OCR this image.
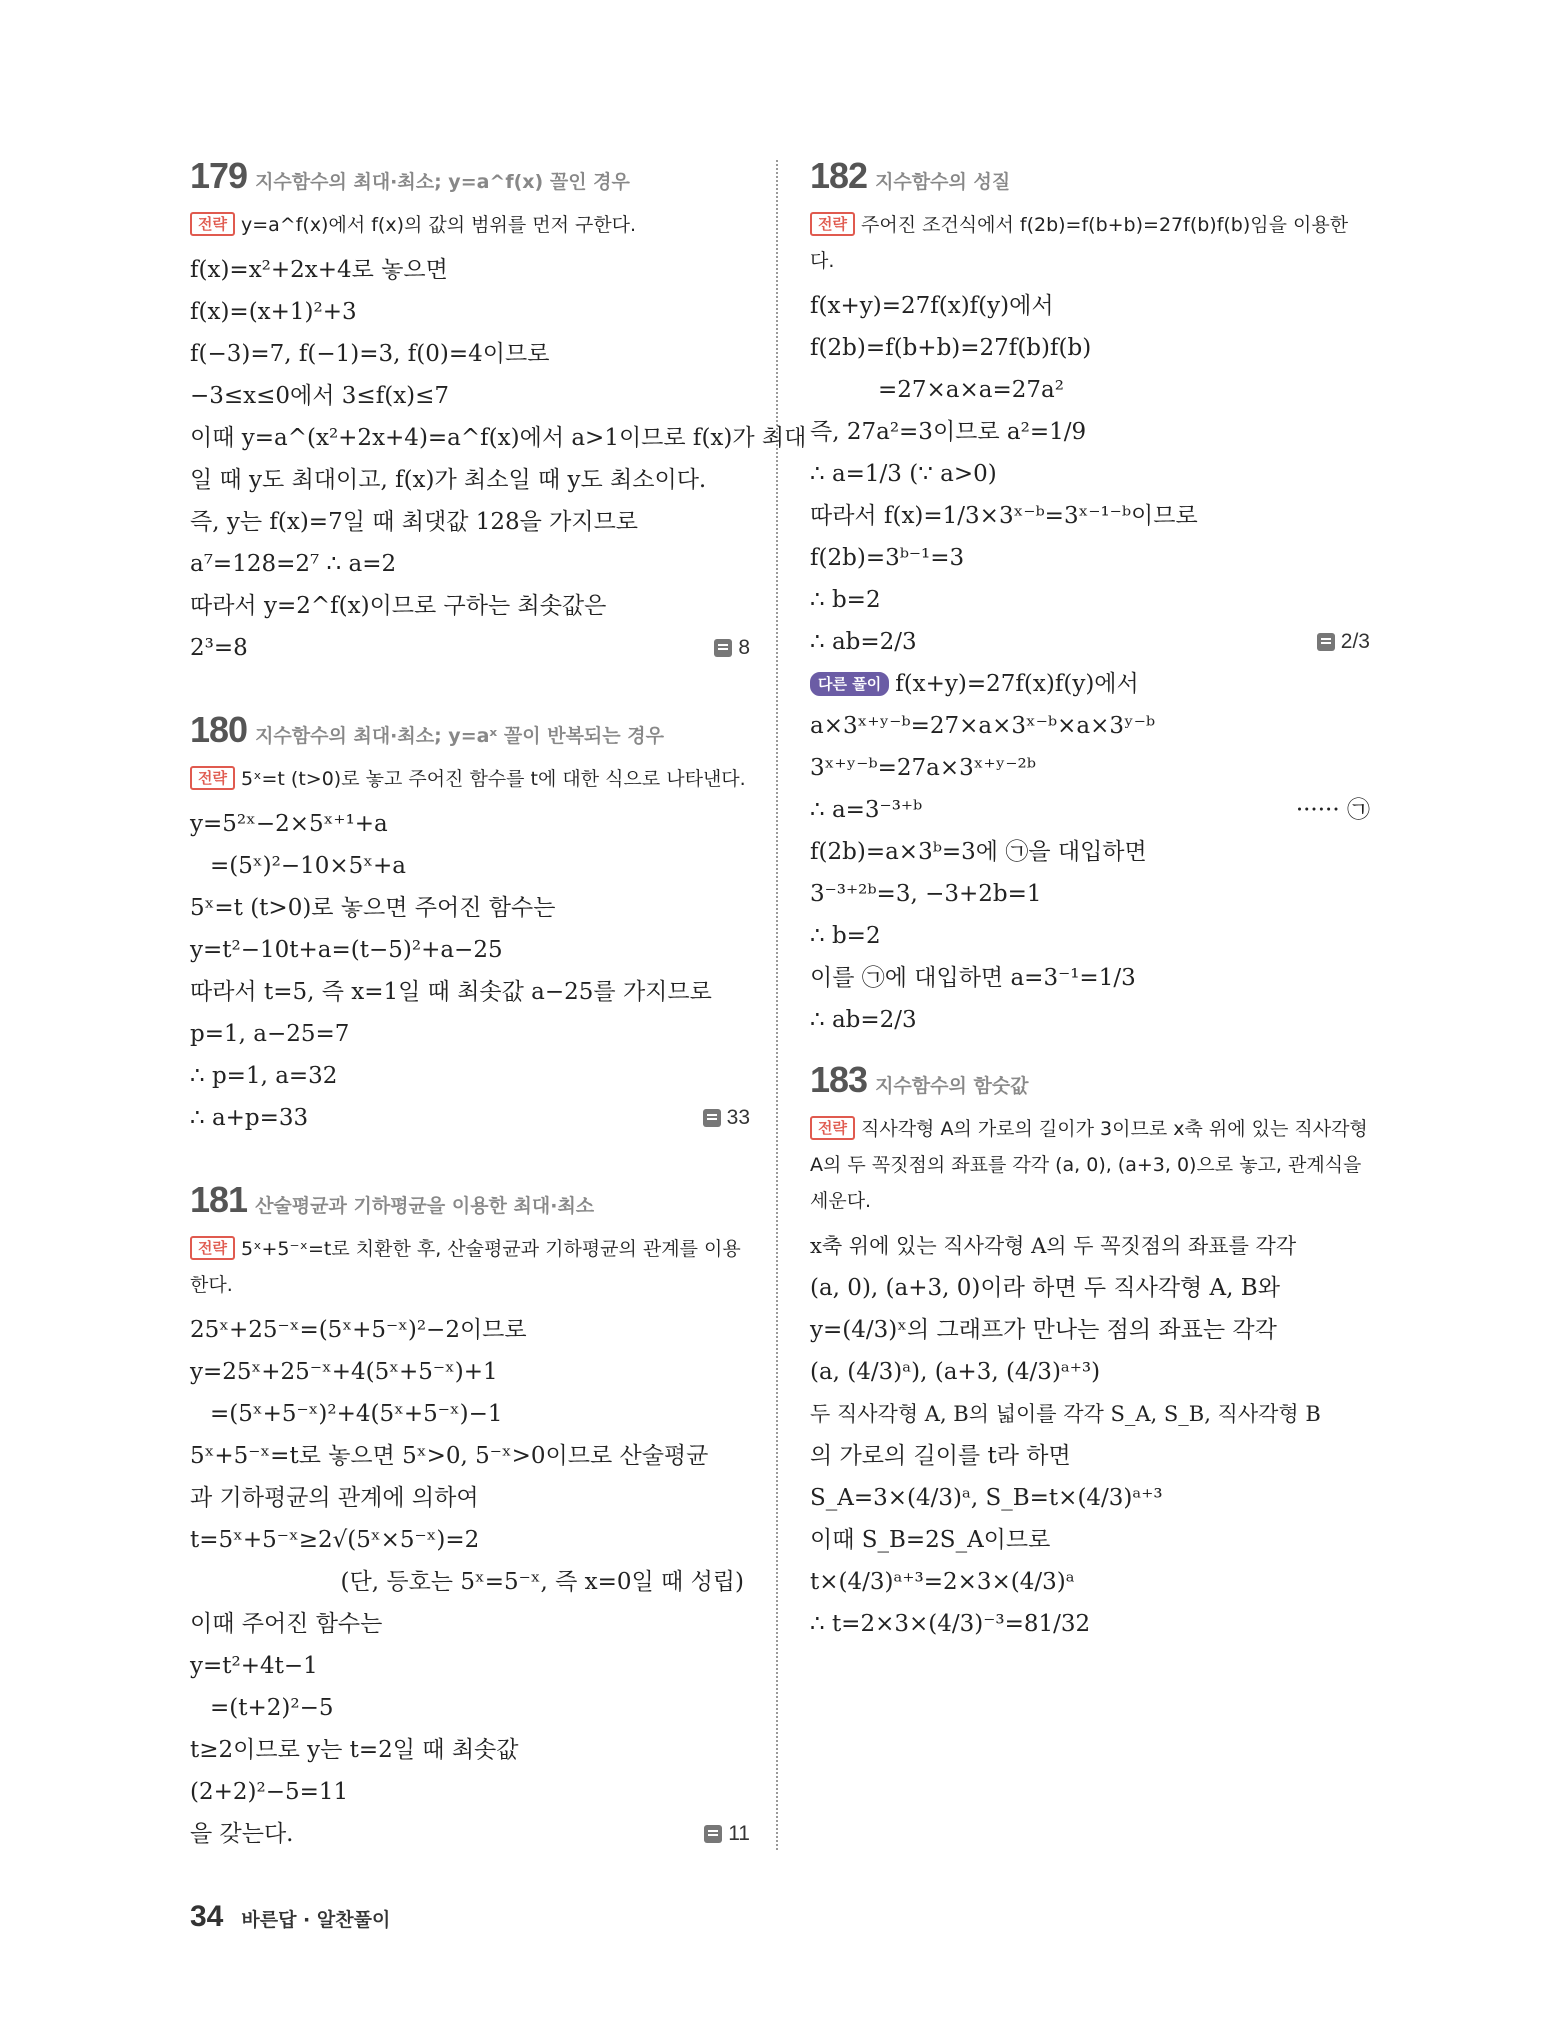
179 지수함수의 최대·최소; y=a^f(x) 꼴인 경우
전략 y=a^f(x)에서 f(x)의 값의 범위를 먼저 구한다.
f(x)=x²+2x+4로 놓으면
f(x)=(x+1)²+3
f(−3)=7, f(−1)=3, f(0)=4이므로
−3≤x≤0에서 3≤f(x)≤7
이때 y=a^(x²+2x+4)=a^f(x)에서 a>1이므로 f(x)가 최대
일 때 y도 최대이고, f(x)가 최소일 때 y도 최소이다.
즉, y는 f(x)=7일 때 최댓값 128을 가지므로
a⁷=128=2⁷ ∴ a=2
따라서 y=2^f(x)이므로 구하는 최솟값은
2³=8	8
180 지수함수의 최대·최소; y=aˣ 꼴이 반복되는 경우
전략 5ˣ=t (t>0)로 놓고 주어진 함수를 t에 대한 식으로 나타낸다.
y=5²ˣ−2×5ˣ⁺¹+a
=(5ˣ)²−10×5ˣ+a
5ˣ=t (t>0)로 놓으면 주어진 함수는
y=t²−10t+a=(t−5)²+a−25
따라서 t=5, 즉 x=1일 때 최솟값 a−25를 가지므로
p=1, a−25=7
∴ p=1, a=32
∴ a+p=33	33
181 산술평균과 기하평균을 이용한 최대·최소
전략 5ˣ+5⁻ˣ=t로 치환한 후, 산술평균과 기하평균의 관계를 이용한다.
25ˣ+25⁻ˣ=(5ˣ+5⁻ˣ)²−2이므로
y=25ˣ+25⁻ˣ+4(5ˣ+5⁻ˣ)+1
=(5ˣ+5⁻ˣ)²+4(5ˣ+5⁻ˣ)−1
5ˣ+5⁻ˣ=t로 놓으면 5ˣ>0, 5⁻ˣ>0이므로 산술평균
과 기하평균의 관계에 의하여
t=5ˣ+5⁻ˣ≥2√(5ˣ×5⁻ˣ)=2
(단, 등호는 5ˣ=5⁻ˣ, 즉 x=0일 때 성립)
이때 주어진 함수는
y=t²+4t−1
=(t+2)²−5
t≥2이므로 y는 t=2일 때 최솟값
(2+2)²−5=11
을 갖는다.	11
182 지수함수의 성질
전략 주어진 조건식에서 f(2b)=f(b+b)=27f(b)f(b)임을 이용한다.
f(x+y)=27f(x)f(y)에서
f(2b)=f(b+b)=27f(b)f(b)
=27×a×a=27a²
즉, 27a²=3이므로 a²=1/9
∴ a=1/3 (∵ a>0)
따라서 f(x)=1/3×3ˣ⁻ᵇ=3ˣ⁻¹⁻ᵇ이므로
f(2b)=3ᵇ⁻¹=3
∴ b=2
∴ ab=2/3	2/3
다른 풀이 f(x+y)=27f(x)f(y)에서
a×3ˣ⁺ʸ⁻ᵇ=27×a×3ˣ⁻ᵇ×a×3ʸ⁻ᵇ
3ˣ⁺ʸ⁻ᵇ=27a×3ˣ⁺ʸ⁻²ᵇ
∴ a=3⁻³⁺ᵇ	······ ㉠
f(2b)=a×3ᵇ=3에 ㉠을 대입하면
3⁻³⁺²ᵇ=3, −3+2b=1
∴ b=2
이를 ㉠에 대입하면 a=3⁻¹=1/3
∴ ab=2/3
183 지수함수의 함숫값
전략 직사각형 A의 가로의 길이가 3이므로 x축 위에 있는 직사각형 A의 두 꼭짓점의 좌표를 각각 (a, 0), (a+3, 0)으로 놓고, 관계식을 세운다.
x축 위에 있는 직사각형 A의 두 꼭짓점의 좌표를 각각
(a, 0), (a+3, 0)이라 하면 두 직사각형 A, B와
y=(4/3)ˣ의 그래프가 만나는 점의 좌표는 각각
(a, (4/3)ᵃ), (a+3, (4/3)ᵃ⁺³)
두 직사각형 A, B의 넓이를 각각 S_A, S_B, 직사각형 B
의 가로의 길이를 t라 하면
S_A=3×(4/3)ᵃ, S_B=t×(4/3)ᵃ⁺³
이때 S_B=2S_A이므로
t×(4/3)ᵃ⁺³=2×3×(4/3)ᵃ
∴ t=2×3×(4/3)⁻³=81/32
34 바른답 · 알찬풀이
